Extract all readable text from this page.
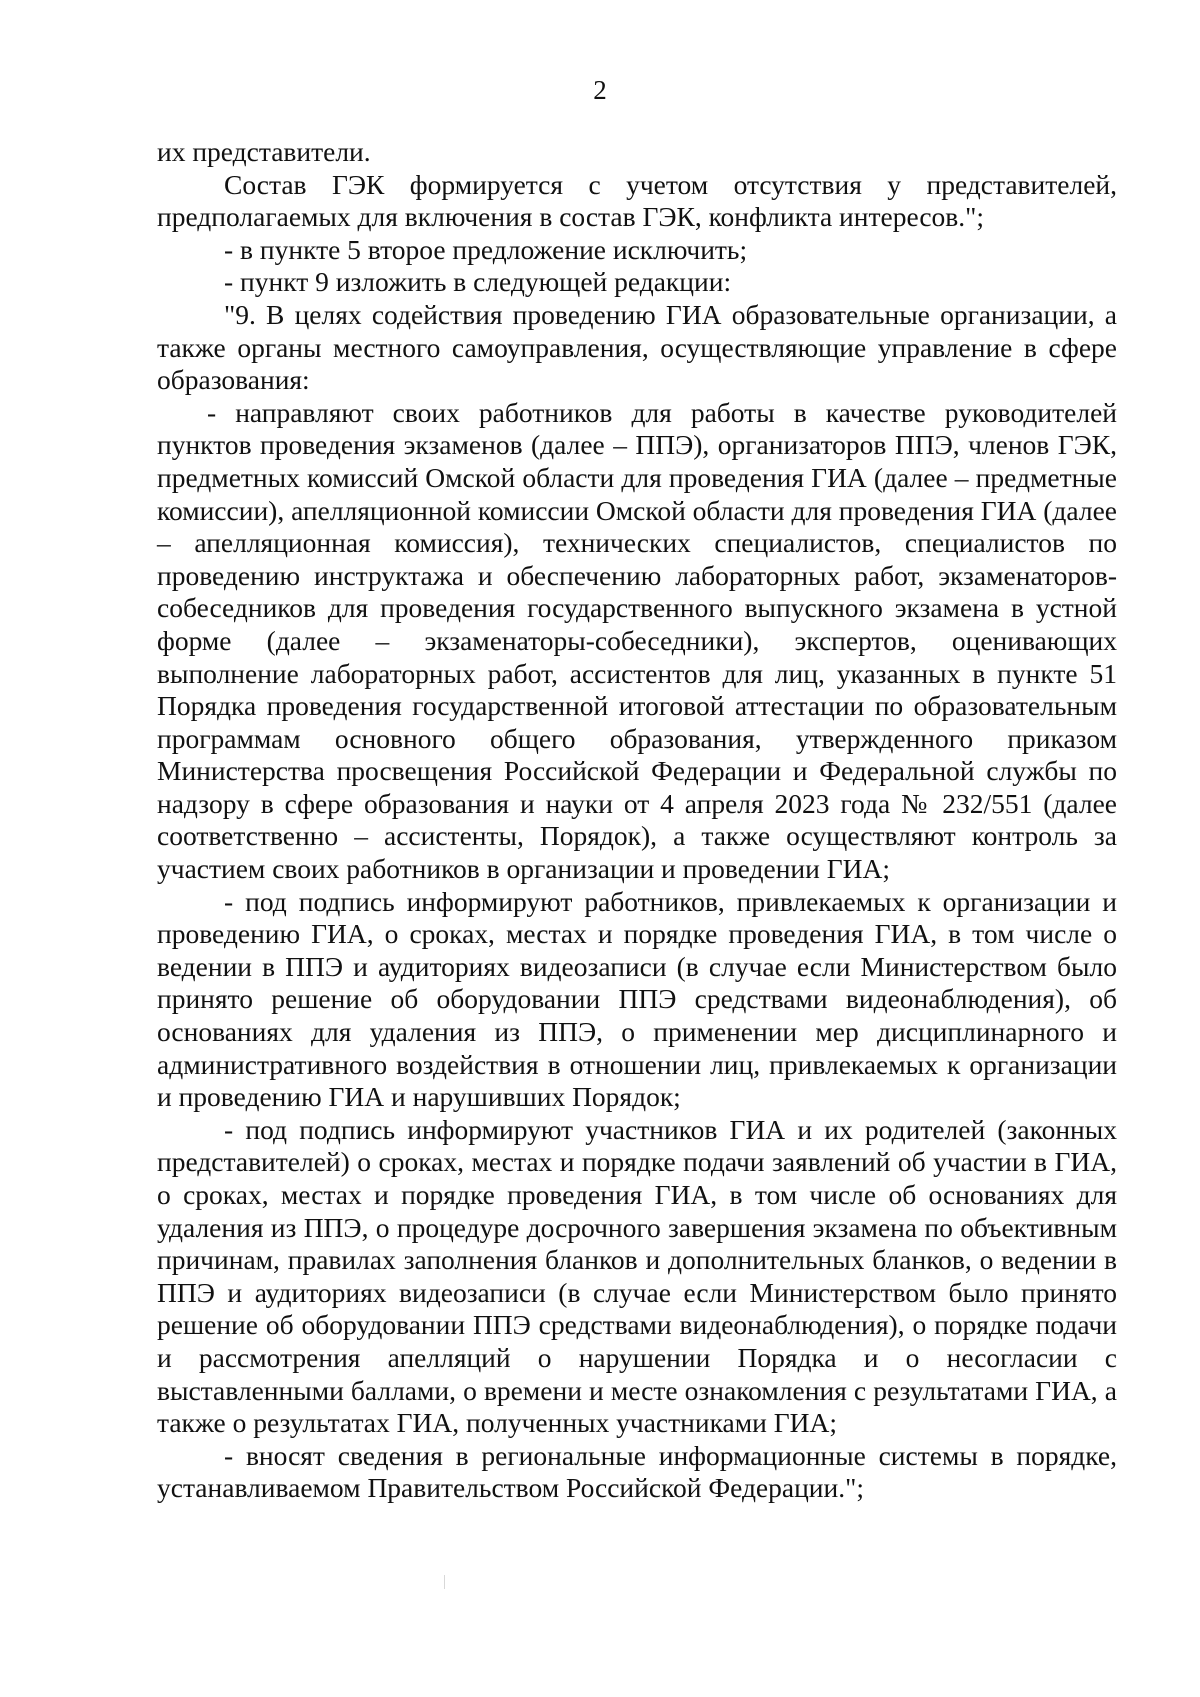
2

их представители.

Состав ГЭК формируется с учетом отсутствия у представителей, предполагаемых для включения в состав ГЭК, конфликта интересов.";

- в пункте 5 второе предложение исключить;

- пункт 9 изложить в следующей редакции:

"9. В целях содействия проведению ГИА образовательные организации, а также органы местного самоуправления, осуществляющие управление в сфере образования:

- направляют своих работников для работы в качестве руководителей пунктов проведения экзаменов (далее – ППЭ), организаторов ППЭ, членов ГЭК, предметных комиссий Омской области для проведения ГИА (далее – предметные комиссии), апелляционной комиссии Омской области для проведения ГИА (далее – апелляционная комиссия), технических специалистов, специалистов по проведению инструктажа и обеспечению лабораторных работ, экзаменаторов-собеседников для проведения государственного выпускного экзамена в устной форме (далее – экзаменаторы-собеседники), экспертов, оценивающих выполнение лабораторных работ, ассистентов для лиц, указанных в пункте 51 Порядка проведения государственной итоговой аттестации по образовательным программам основного общего образования, утвержденного приказом Министерства просвещения Российской Федерации и Федеральной службы по надзору в сфере образования и науки от 4 апреля 2023 года № 232/551 (далее соответственно – ассистенты, Порядок), а также осуществляют контроль за участием своих работников в организации и проведении ГИА;

- под подпись информируют работников, привлекаемых к организации и проведению ГИА, о сроках, местах и порядке проведения ГИА, в том числе о ведении в ППЭ и аудиториях видеозаписи (в случае если Министерством было принято решение об оборудовании ППЭ средствами видеонаблюдения), об основаниях для удаления из ППЭ, о применении мер дисциплинарного и административного воздействия в отношении лиц, привлекаемых к организации и проведению ГИА и нарушивших Порядок;

- под подпись информируют участников ГИА и их родителей (законных представителей) о сроках, местах и порядке подачи заявлений об участии в ГИА, о сроках, местах и порядке проведения ГИА, в том числе об основаниях для удаления из ППЭ, о процедуре досрочного завершения экзамена по объективным причинам, правилах заполнения бланков и дополнительных бланков, о ведении в ППЭ и аудиториях видеозаписи (в случае если Министерством было принято решение об оборудовании ППЭ средствами видеонаблюдения), о порядке подачи и рассмотрения апелляций о нарушении Порядка и о несогласии с выставленными баллами, о времени и месте ознакомления с результатами ГИА, а также о результатах ГИА, полученных участниками ГИА;

- вносят сведения в региональные информационные системы в порядке, устанавливаемом Правительством Российской Федерации.";
